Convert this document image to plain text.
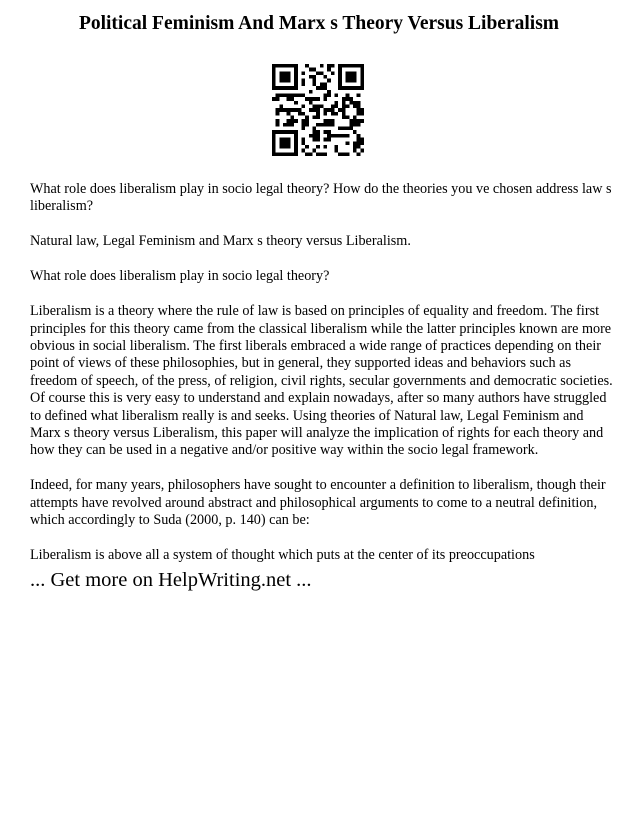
Political Feminism And Marx s Theory Versus Liberalism

What role does liberalism play in socio legal theory? How do the theories you ve chosen address law s liberalism?

Natural law, Legal Feminism and Marx s theory versus Liberalism.

What role does liberalism play in socio legal theory?

Liberalism is a theory where the rule of law is based on principles of equality and freedom. The first principles for this theory came from the classical liberalism while the latter principles known are more obvious in social liberalism. The first liberals embraced a wide range of practices depending on their point of views of these philosophies, but in general, they supported ideas and behaviors such as freedom of speech, of the press, of religion, civil rights, secular governments and democratic societies. Of course this is very easy to understand and explain nowadays, after so many authors have struggled to defined what liberalism really is and seeks. Using theories of Natural law, Legal Feminism and Marx s theory versus Liberalism, this paper will analyze the implication of rights for each theory and how they can be used in a negative and/or positive way within the socio legal framework.

Indeed, for many years, philosophers have sought to encounter a definition to liberalism, though their attempts have revolved around abstract and philosophical arguments to come to a neutral definition, which accordingly to Suda (2000, p. 140) can be:

Liberalism is above all a system of thought which puts at the center of its preoccupations

... Get more on HelpWriting.net ...
